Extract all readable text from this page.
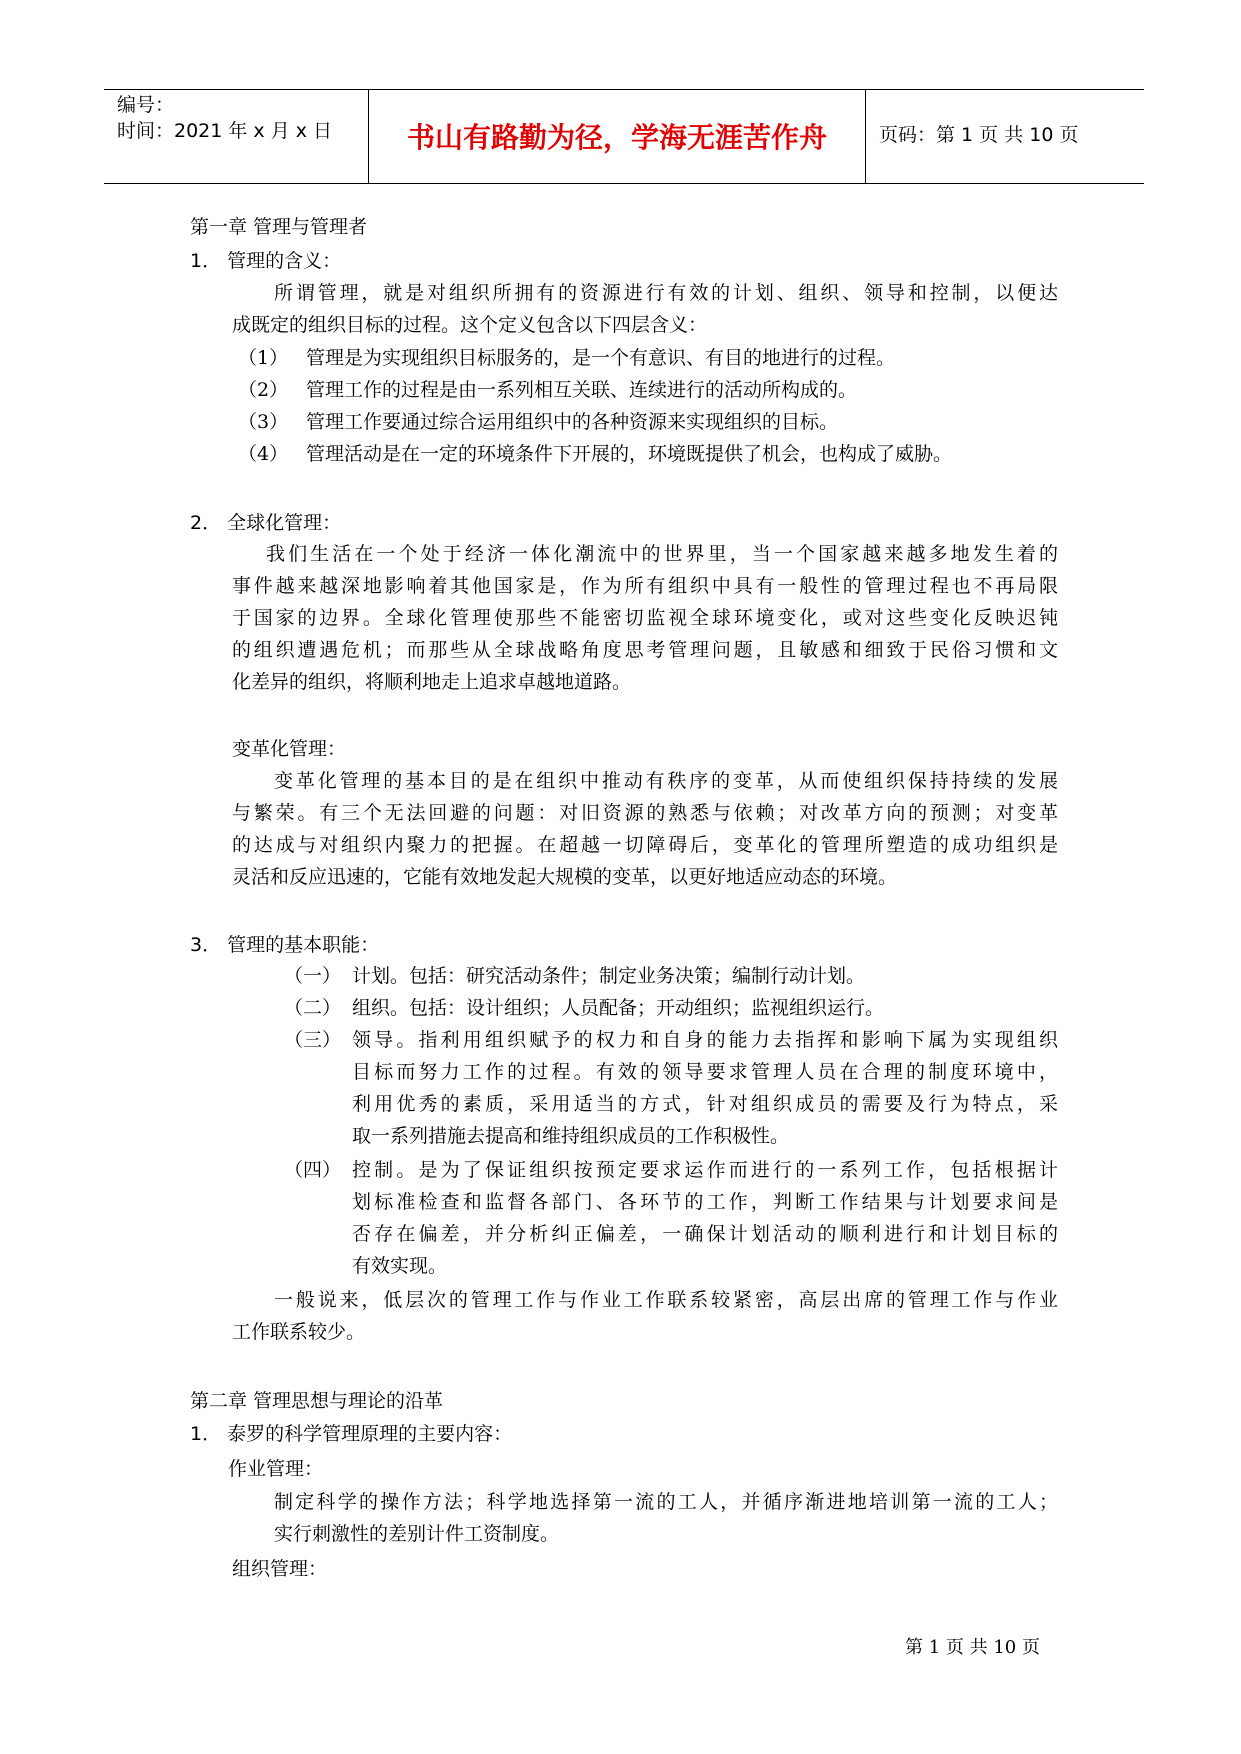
编号：
时间：2021 年 x 月 x 日	书山有路勤为径，学海无涯苦作舟	页码：第 1 页 共 10 页
第一章 管理与管理者
1． 管理的含义：
所谓管理，就是对组织所拥有的资源进行有效的计划、组织、领导和控制，以便达
成既定的组织目标的过程。这个定义包含以下四层含义：
（1） 管理是为实现组织目标服务的，是一个有意识、有目的地进行的过程。
（2） 管理工作的过程是由一系列相互关联、连续进行的活动所构成的。
（3） 管理工作要通过综合运用组织中的各种资源来实现组织的目标。
（4） 管理活动是在一定的环境条件下开展的，环境既提供了机会，也构成了威胁。
2． 全球化管理：
我们生活在一个处于经济一体化潮流中的世界里，当一个国家越来越多地发生着的
事件越来越深地影响着其他国家是，作为所有组织中具有一般性的管理过程也不再局限
于国家的边界。全球化管理使那些不能密切监视全球环境变化，或对这些变化反映迟钝
的组织遭遇危机；而那些从全球战略角度思考管理问题，且敏感和细致于民俗习惯和文
化差异的组织，将顺利地走上追求卓越地道路。
变革化管理：
变革化管理的基本目的是在组织中推动有秩序的变革，从而使组织保持持续的发展
与繁荣。有三个无法回避的问题：对旧资源的熟悉与依赖；对改革方向的预测；对变革
的达成与对组织内聚力的把握。在超越一切障碍后，变革化的管理所塑造的成功组织是
灵活和反应迅速的，它能有效地发起大规模的变革，以更好地适应动态的环境。
3． 管理的基本职能：
（一） 计划。包括：研究活动条件；制定业务决策；编制行动计划。
（二） 组织。包括：设计组织；人员配备；开动组织；监视组织运行。
（三） 领导。指利用组织赋予的权力和自身的能力去指挥和影响下属为实现组织
目标而努力工作的过程。有效的领导要求管理人员在合理的制度环境中，
利用优秀的素质，采用适当的方式，针对组织成员的需要及行为特点，采
取一系列措施去提高和维持组织成员的工作积极性。
（四） 控制。是为了保证组织按预定要求运作而进行的一系列工作，包括根据计
划标准检查和监督各部门、各环节的工作，判断工作结果与计划要求间是
否存在偏差，并分析纠正偏差，一确保计划活动的顺利进行和计划目标的
有效实现。
一般说来，低层次的管理工作与作业工作联系较紧密，高层出席的管理工作与作业
工作联系较少。
第二章 管理思想与理论的沿革
1． 泰罗的科学管理原理的主要内容：
作业管理：
制定科学的操作方法；科学地选择第一流的工人，并循序渐进地培训第一流的工人；
实行刺激性的差别计件工资制度。
组织管理：
第 1 页 共 10 页
